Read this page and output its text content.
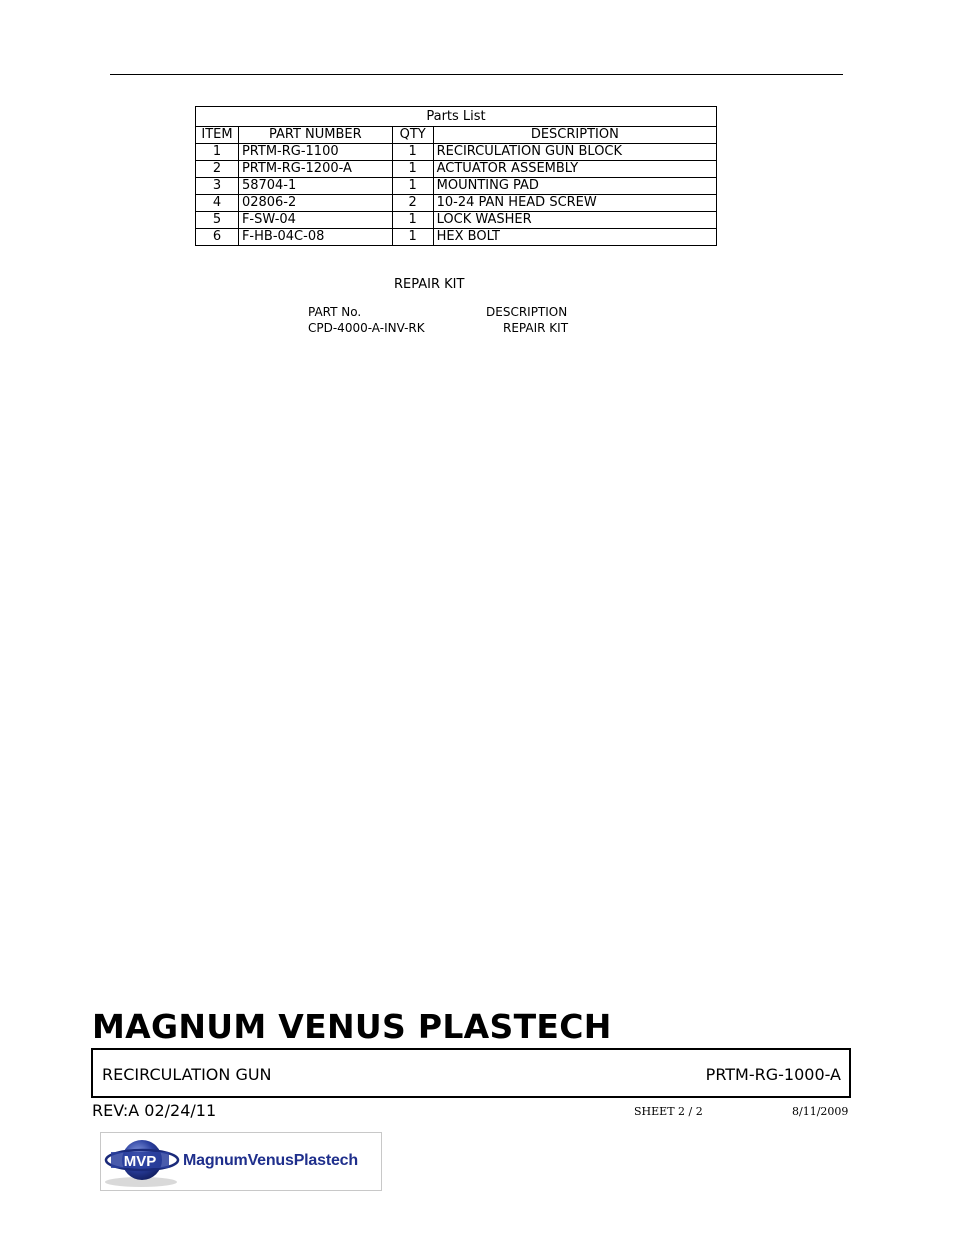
Parts List			
ITEM	PART NUMBER	QTY	DESCRIPTION
1	PRTM-RG-1100	1	RECIRCULATION GUN BLOCK
2	PRTM-RG-1200-A	1	ACTUATOR ASSEMBLY
3	58704-1	1	MOUNTING PAD
4	02806-2	2	10-24 PAN HEAD SCREW
5	F-SW-04	1	LOCK WASHER
6	F-HB-04C-08	1	HEX BOLT
REPAIR KIT
PART No.	DESCRIPTION
CPD-4000-A-INV-RK	REPAIR KIT
MAGNUM VENUS PLASTECH
RECIRCULATION GUN	PRTM-RG-1000-A
REV:A 02/24/11	SHEET 2 / 2	8/11/2009
MVP MagnumVenusPlastech
